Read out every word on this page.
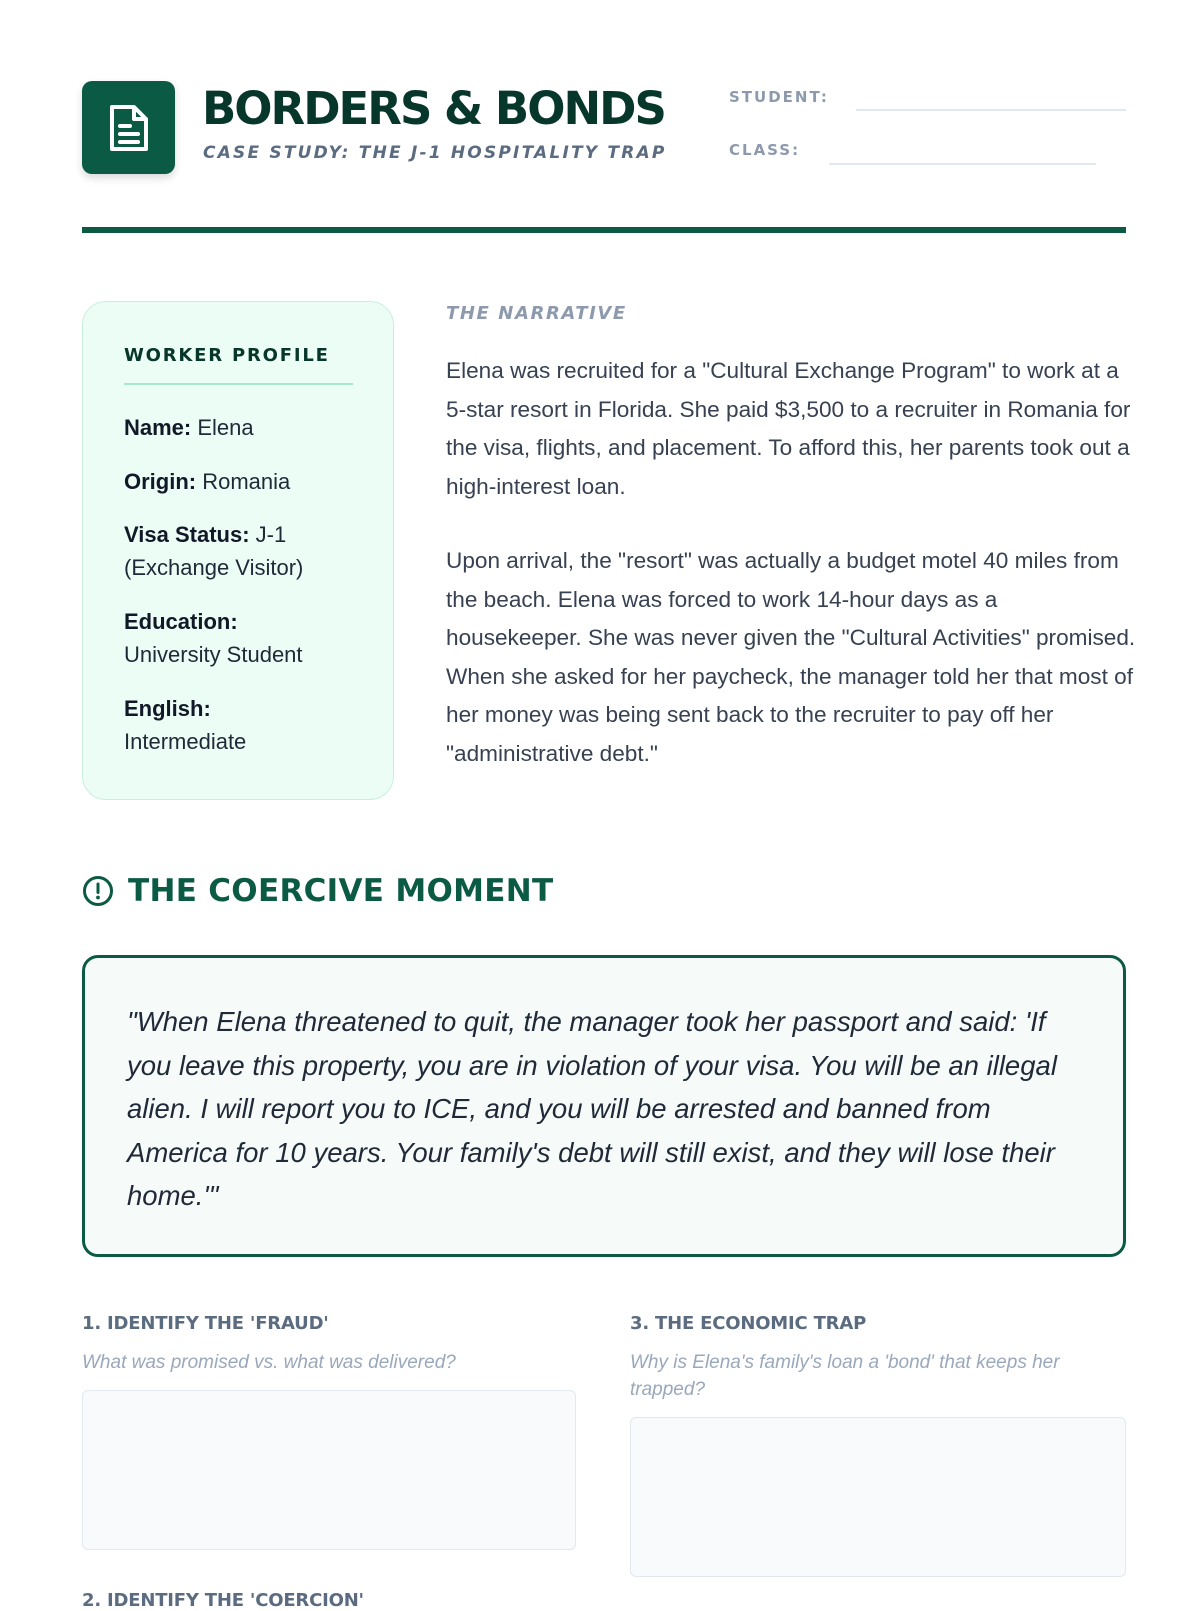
BORDERS & BONDS
CASE STUDY: THE J-1 HOSPITALITY TRAP
STUDENT:
CLASS:
WORKER PROFILE
Name: Elena
Origin: Romania
Visa Status: J-1 (Exchange Visitor)
Education:
University Student
English:
Intermediate
THE NARRATIVE

Elena was recruited for a "Cultural Exchange Program" to work at a 5-star resort in Florida. She paid $3,500 to a recruiter in Romania for the visa, flights, and placement. To afford this, her parents took out a high-interest loan.

Upon arrival, the "resort" was actually a budget motel 40 miles from the beach. Elena was forced to work 14-hour days as a housekeeper. She was never given the "Cultural Activities" promised. When she asked for her paycheck, the manager told her that most of her money was being sent back to the recruiter to pay off her "administrative debt."

THE COERCIVE MOMENT

"When Elena threatened to quit, the manager took her passport and said: 'If you leave this property, you are in violation of your visa. You will be an illegal alien. I will report you to ICE, and you will be arrested and banned from America for 10 years. Your family's debt will still exist, and they will lose their home.'"

1. IDENTIFY THE 'FRAUD'
What was promised vs. what was delivered?
3. THE ECONOMIC TRAP
Why is Elena's family's loan a 'bond' that keeps her trapped?
2. IDENTIFY THE 'COERCION'
